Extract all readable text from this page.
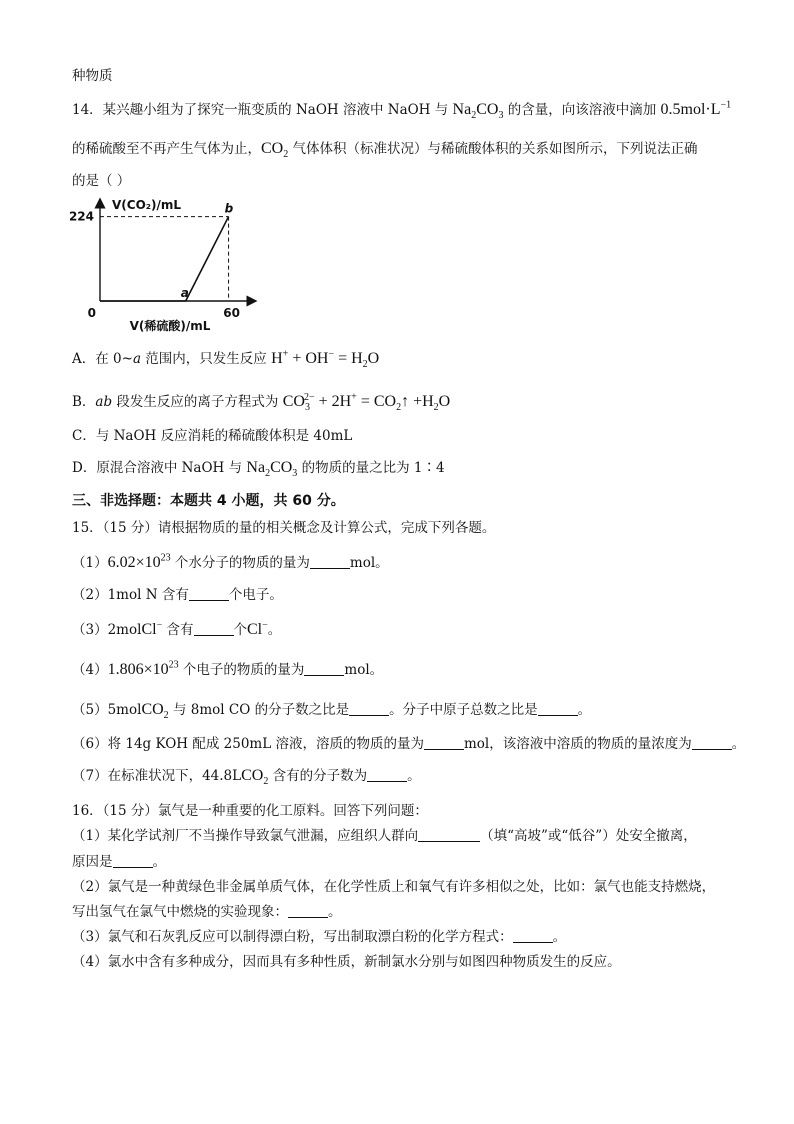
种物质
14．某兴趣小组为了探究一瓶变质的 NaOH 溶液中 NaOH 与 $Na_2CO_3$ 的含量，向该溶液中滴加 $0.5mol\cdot L^{-1}$
的稀硫酸至不再产生气体为止，$CO_2$ 气体体积（标准状况）与稀硫酸体积的关系如图所示，下列说法正确
的是（ ）
V(CO₂)/mL
224
0
a
b
60
V(稀硫酸)/mL
A．在 0~a 范围内，只发生反应 $H^+ + OH^- = H_2O$
B．ab 段发生反应的离子方程式为 $CO_3^{2-} + 2H^+$ = $CO_2↑ +H_2O$
C．与 NaOH 反应消耗的稀硫酸体积是 40mL
D．原混合溶液中 NaOH 与 $Na_2CO_3$ 的物质的量之比为 1∶4
三、非选择题：本题共 4 小题，共 60 分。
15．（15 分）请根据物质的量的相关概念及计算公式，完成下列各题。
$(1)6.02\times 10^{23}$ 个水分子的物质的量为	mol。
（2）1mol N 含有	个电子。
（3）2molCl− 含有	个Cl−。
$(4)1.806\times 10^{23}$ 个电子的物质的量为	mol。
（5）5molCO$_2$ 与 8mol CO 的分子数之比是	。分子中原子总数之比是	。
（6）将 14g KOH 配成 250mL 溶液，溶质的物质的量为	mol，该溶液中溶质的物质的量浓度为	。
（7）在标准状况下，$44.8LCO_2$ 含有的分子数为	。
16．（15 分）氯气是一种重要的化工原料。回答下列问题：
（1）某化学试剂厂不当操作导致氯气泄漏，应组织人群向	（填“高坡”或“低谷”）处安全撤离，
原因是	。
（2）氯气是一种黄绿色非金属单质气体，在化学性质上和氧气有许多相似之处，比如：氯气也能支持燃烧，
写出氢气在氯气中燃烧的实验现象：	。
（3）氯气和石灰乳反应可以制得漂白粉，写出制取漂白粉的化学方程式：	。
（4）氯水中含有多种成分，因而具有多种性质，新制氯水分别与如图四种物质发生的反应。
